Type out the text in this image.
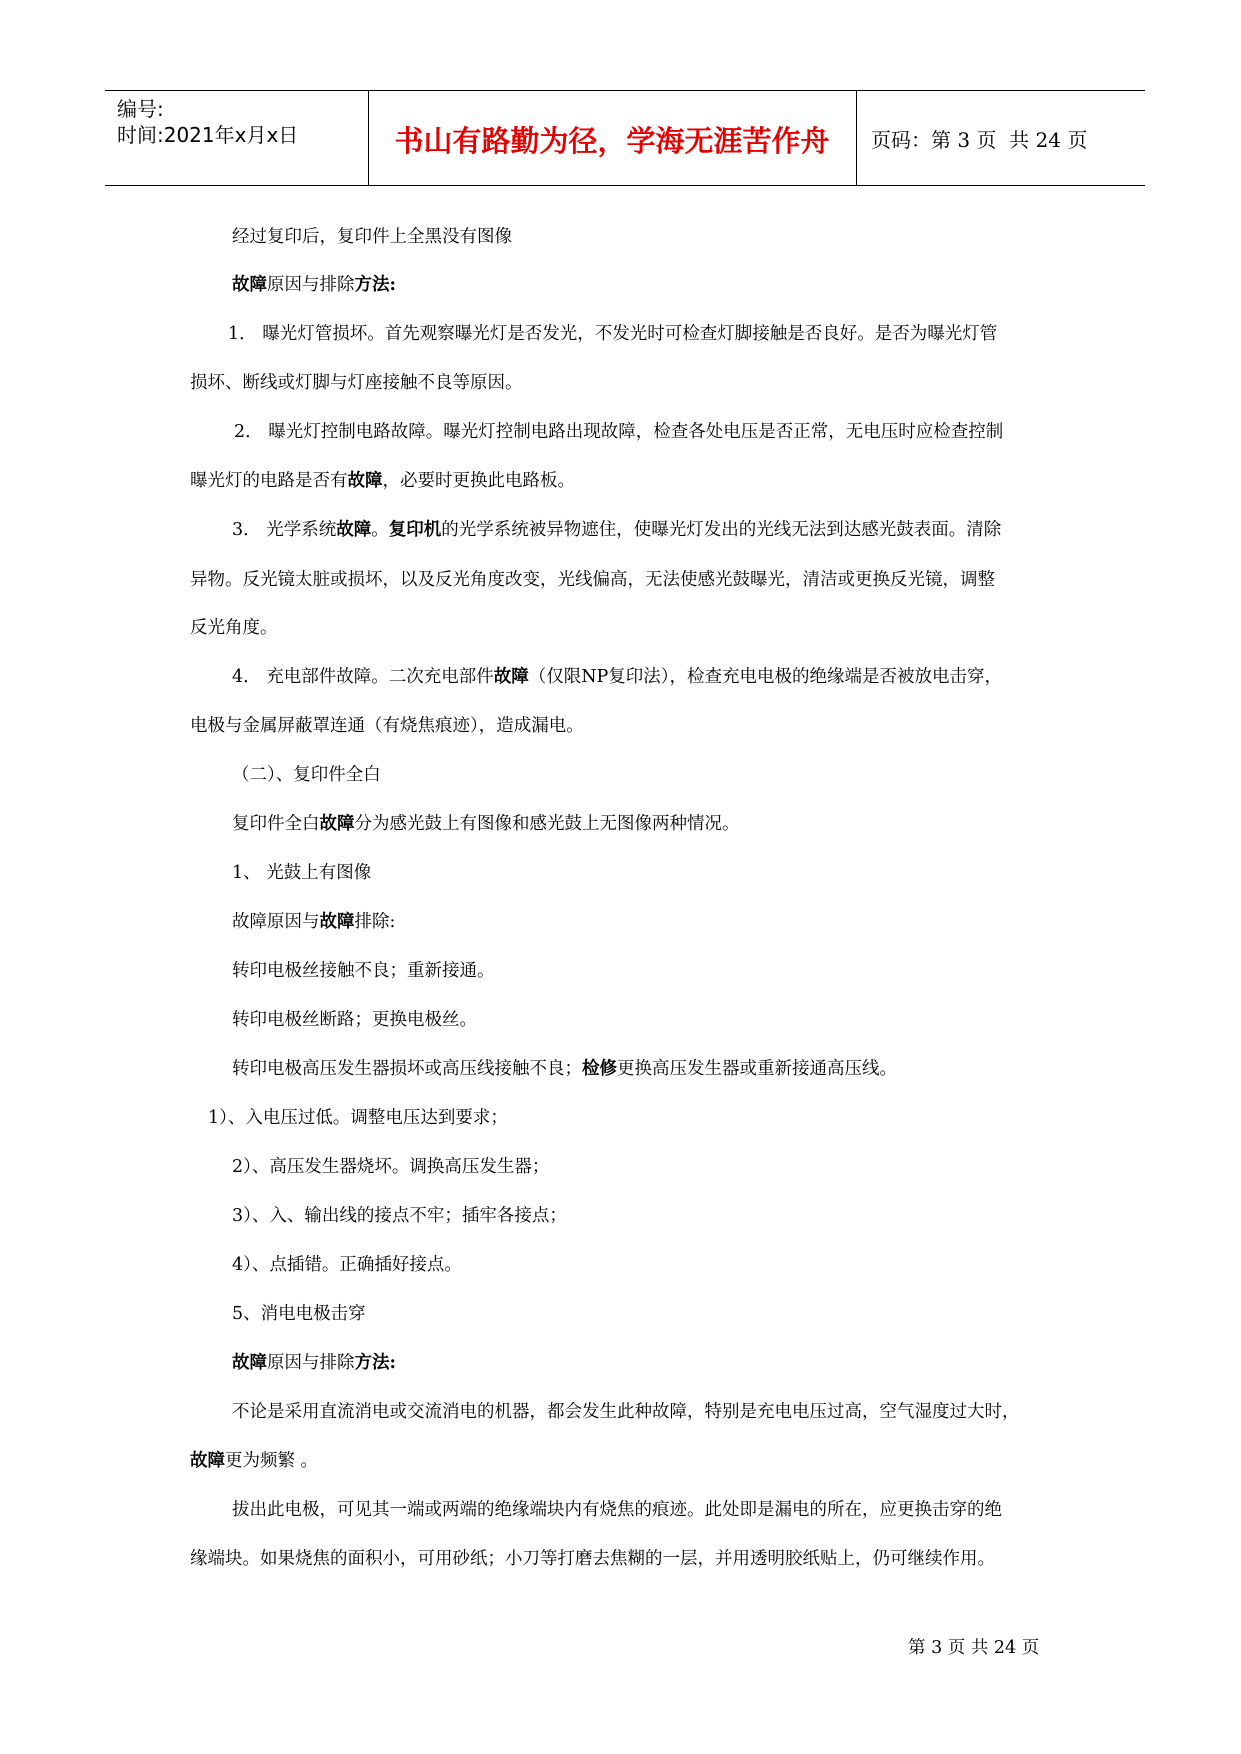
编号:
时间:2021年x月x日	书山有路勤为径，学海无涯苦作舟	页码：第 3 页  共 24 页
经过复印后，复印件上全黑没有图像
故障原因与排除方法:
1． 曝光灯管损坏。首先观察曝光灯是否发光，不发光时可检查灯脚接触是否良好。是否为曝光灯管
损坏、断线或灯脚与灯座接触不良等原因。
2． 曝光灯控制电路故障。曝光灯控制电路出现故障，检查各处电压是否正常，无电压时应检查控制
曝光灯的电路是否有故障，必要时更换此电路板。
3． 光学系统故障。复印机的光学系统被异物遮住，使曝光灯发出的光线无法到达感光鼓表面。清除
异物。反光镜太脏或损坏，以及反光角度改变，光线偏高，无法使感光鼓曝光，清洁或更换反光镜，调整
反光角度。
4． 充电部件故障。二次充电部件故障（仅限NP复印法），检查充电电极的绝缘端是否被放电击穿，
电极与金属屏蔽罩连通（有烧焦痕迹），造成漏电。
（二）、复印件全白
复印件全白故障分为感光鼓上有图像和感光鼓上无图像两种情况。
1、 光鼓上有图像
故障原因与故障排除:
转印电极丝接触不良；重新接通。
转印电极丝断路；更换电极丝。
转印电极高压发生器损坏或高压线接触不良；检修更换高压发生器或重新接通高压线。
1）、入电压过低。调整电压达到要求；
2）、高压发生器烧坏。调换高压发生器；
3）、入、输出线的接点不牢；插牢各接点；
4）、点插错。正确插好接点。
5、消电电极击穿
故障原因与排除方法:
不论是采用直流消电或交流消电的机器，都会发生此种故障，特别是充电电压过高，空气湿度过大时，
故障更为频繁 。
拔出此电极，可见其一端或两端的绝缘端块内有烧焦的痕迹。此处即是漏电的所在，应更换击穿的绝
缘端块。如果烧焦的面积小，可用砂纸；小刀等打磨去焦糊的一层，并用透明胶纸贴上，仍可继续作用。
第 3 页 共 24 页
